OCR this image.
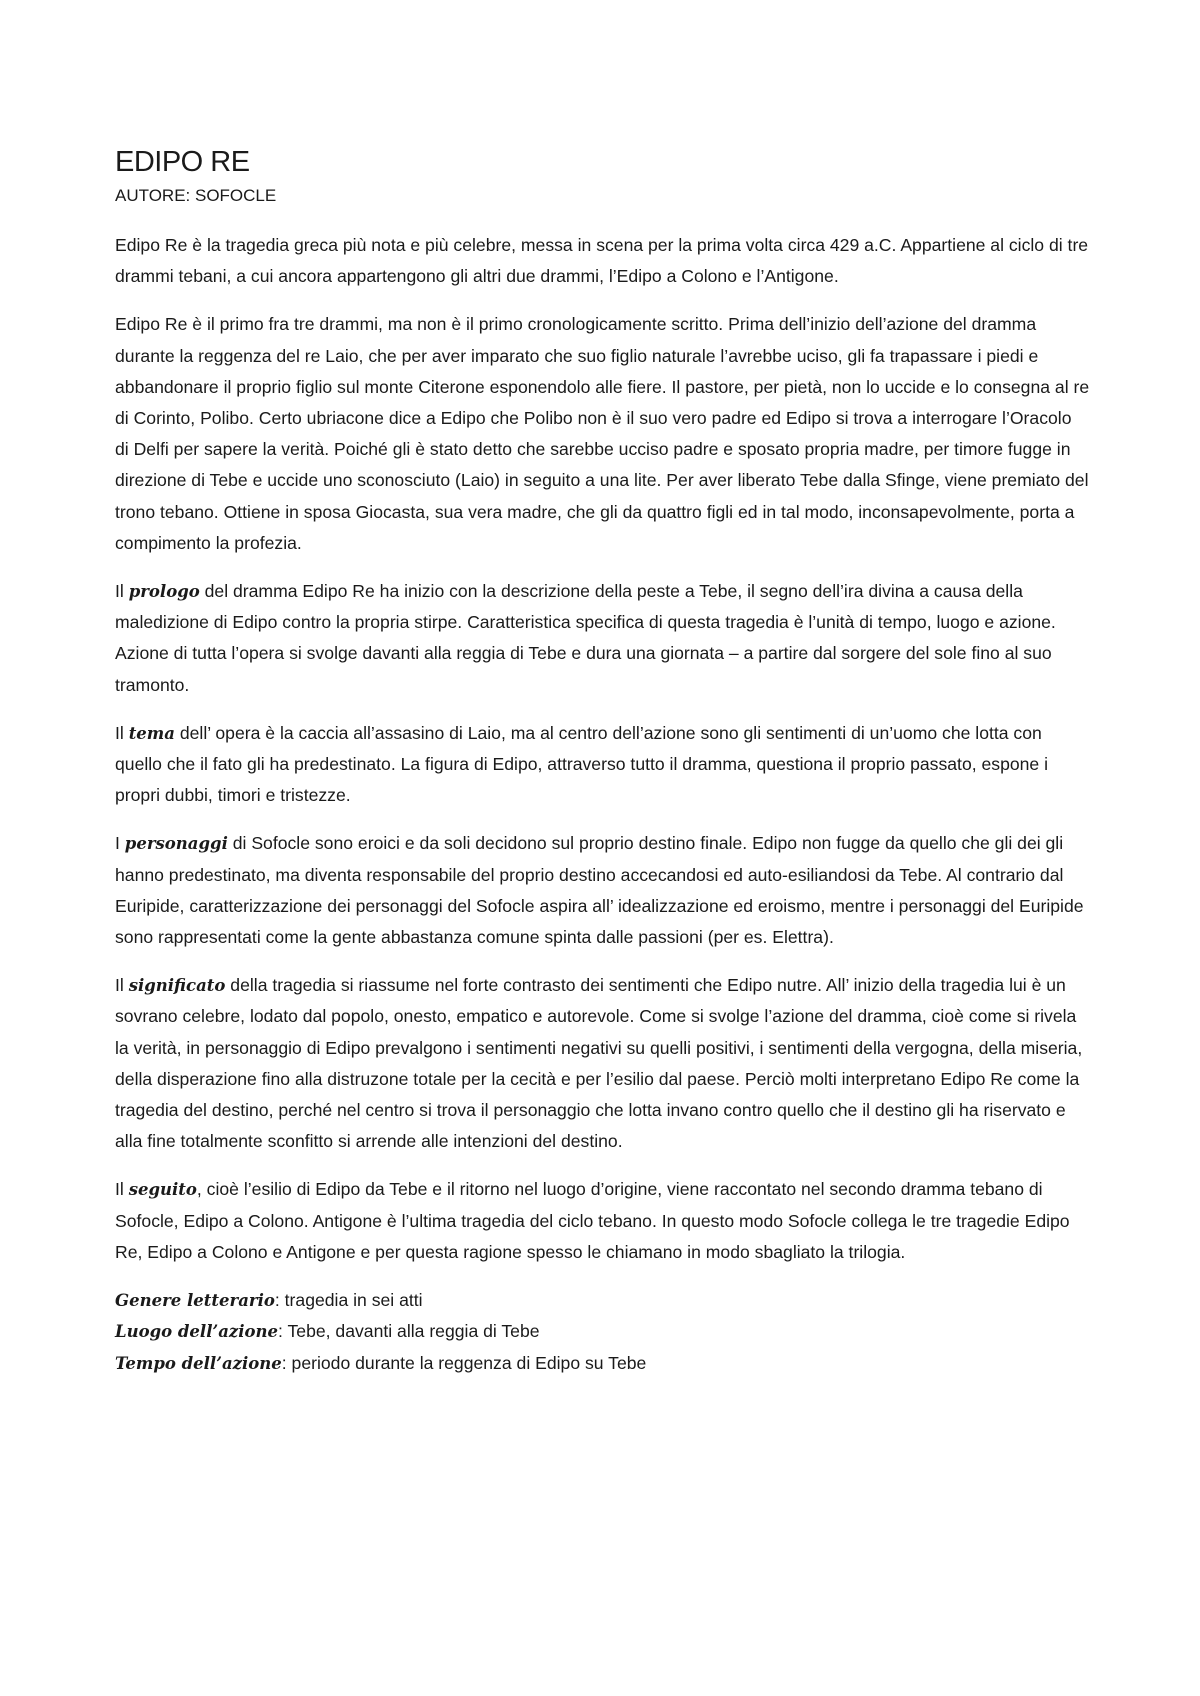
EDIPO RE
AUTORE: SOFOCLE

Edipo Re è la tragedia greca più nota e più celebre, messa in scena per la prima volta circa 429 a.C. Appartiene al ciclo di tre drammi tebani, a cui ancora appartengono gli altri due drammi, l’Edipo a Colono e l’Antigone.

Edipo Re è il primo fra tre drammi, ma non è il primo cronologicamente scritto. Prima dell’inizio dell’azione del dramma durante la reggenza del re Laio, che per aver imparato che suo figlio naturale l’avrebbe uciso, gli fa trapassare i piedi e abbandonare il proprio figlio sul monte Citerone esponendolo alle fiere. Il pastore, per pietà, non lo uccide e lo consegna al re di Corinto, Polibo. Certo ubriacone dice a Edipo che Polibo non è il suo vero padre ed Edipo si trova a interrogare l’Oracolo di Delfi per sapere la verità. Poiché gli è stato detto che sarebbe ucciso padre e sposato propria madre, per timore fugge in direzione di Tebe e uccide uno sconosciuto (Laio) in seguito a una lite. Per aver liberato Tebe dalla Sfinge, viene premiato del trono tebano. Ottiene in sposa Giocasta, sua vera madre, che gli da quattro figli ed in tal modo, inconsapevolmente, porta a compimento la profezia.

Il prologo del dramma Edipo Re ha inizio con la descrizione della peste a Tebe, il segno dell’ira divina a causa della maledizione di Edipo contro la propria stirpe. Caratteristica specifica di questa tragedia è l’unità di tempo, luogo e azione. Azione di tutta l’opera si svolge davanti alla reggia di Tebe e dura una giornata – a partire dal sorgere del sole fino al suo tramonto.

Il tema dell’ opera è la caccia all’assasino di Laio, ma al centro dell’azione sono gli sentimenti di un’uomo che lotta con quello che il fato gli ha predestinato. La figura di Edipo, attraverso tutto il dramma, questiona il proprio passato, espone i propri dubbi, timori e tristezze.

I personaggi di Sofocle sono eroici e da soli decidono sul proprio destino finale. Edipo non fugge da quello che gli dei gli hanno predestinato, ma diventa responsabile del proprio destino accecandosi ed auto-esiliandosi da Tebe. Al contrario dal Euripide, caratterizzazione dei personaggi del Sofocle aspira all’ idealizzazione ed eroismo, mentre i personaggi del Euripide sono rappresentati come la gente abbastanza comune spinta dalle passioni (per es. Elettra).

Il significato della tragedia si riassume nel forte contrasto dei sentimenti che Edipo nutre. All’ inizio della tragedia lui è un sovrano celebre, lodato dal popolo, onesto, empatico e autorevole. Come si svolge l’azione del dramma, cioè come si rivela la verità, in personaggio di Edipo prevalgono i sentimenti negativi su quelli positivi, i sentimenti della vergogna, della miseria, della disperazione fino alla distruzone totale per la cecità e per l’esilio dal paese. Perciò molti interpretano Edipo Re come la tragedia del destino, perché nel centro si trova il personaggio che lotta invano contro quello che il destino gli ha riservato e alla fine totalmente sconfitto si arrende alle intenzioni del destino.

Il seguito, cioè l’esilio di Edipo da Tebe e il ritorno nel luogo d’origine, viene raccontato nel secondo dramma tebano di Sofocle, Edipo a Colono. Antigone è l’ultima tragedia del ciclo tebano. In questo modo Sofocle collega le tre tragedie Edipo Re, Edipo a Colono e Antigone e per questa ragione spesso le chiamano in modo sbagliato la trilogia.

Genere letterario: tragedia in sei atti
Luogo dell’azione: Tebe, davanti alla reggia di Tebe
Tempo dell’azione: periodo durante la reggenza di Edipo su Tebe
